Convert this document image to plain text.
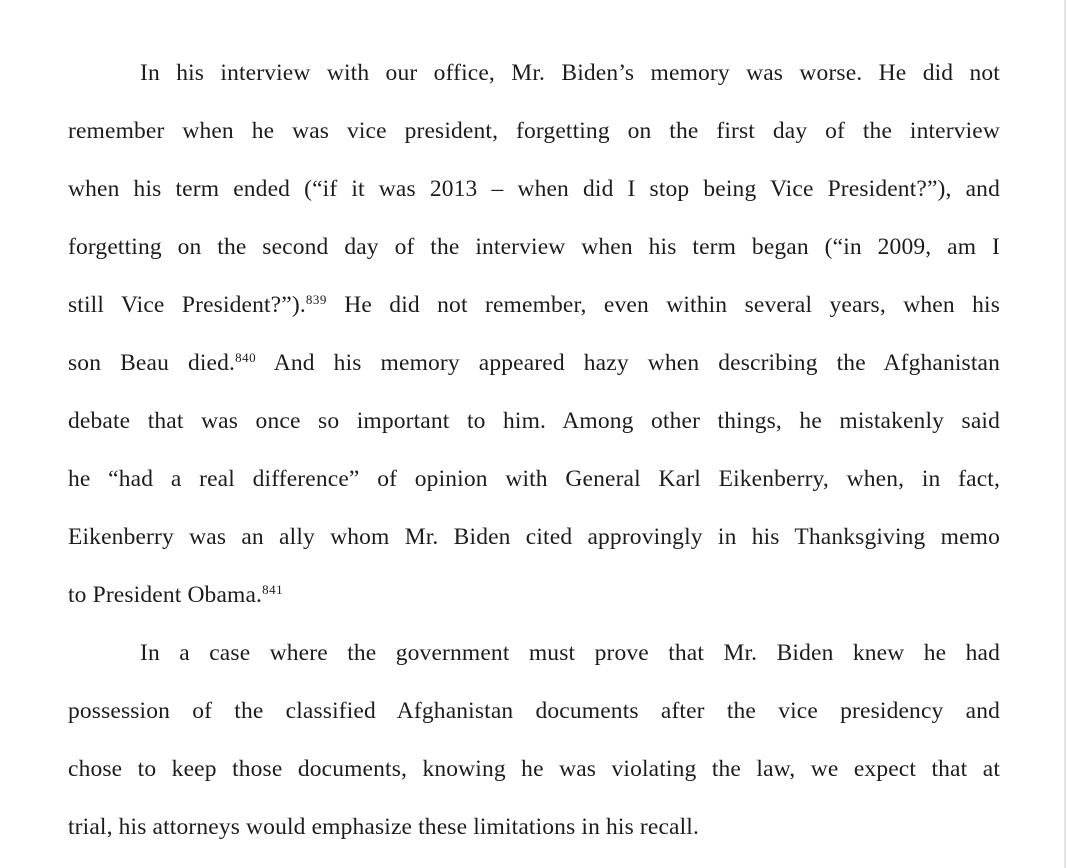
In his interview with our office, Mr. Biden’s memory was worse. He did not
remember when he was vice president, forgetting on the first day of the interview
when his term ended (“if it was 2013 – when did I stop being Vice President?”), and
forgetting on the second day of the interview when his term began (“in 2009, am I
still Vice President?”).$^{839}$ He did not remember, even within several years, when his
son Beau died.$^{840}$ And his memory appeared hazy when describing the Afghanistan
debate that was once so important to him. Among other things, he mistakenly said
he “had a real difference” of opinion with General Karl Eikenberry, when, in fact,
Eikenberry was an ally whom Mr. Biden cited approvingly in his Thanksgiving memo
to President Obama.$^{841}$
In a case where the government must prove that Mr. Biden knew he had
possession of the classified Afghanistan documents after the vice presidency and
chose to keep those documents, knowing he was violating the law, we expect that at
trial, his attorneys would emphasize these limitations in his recall.
